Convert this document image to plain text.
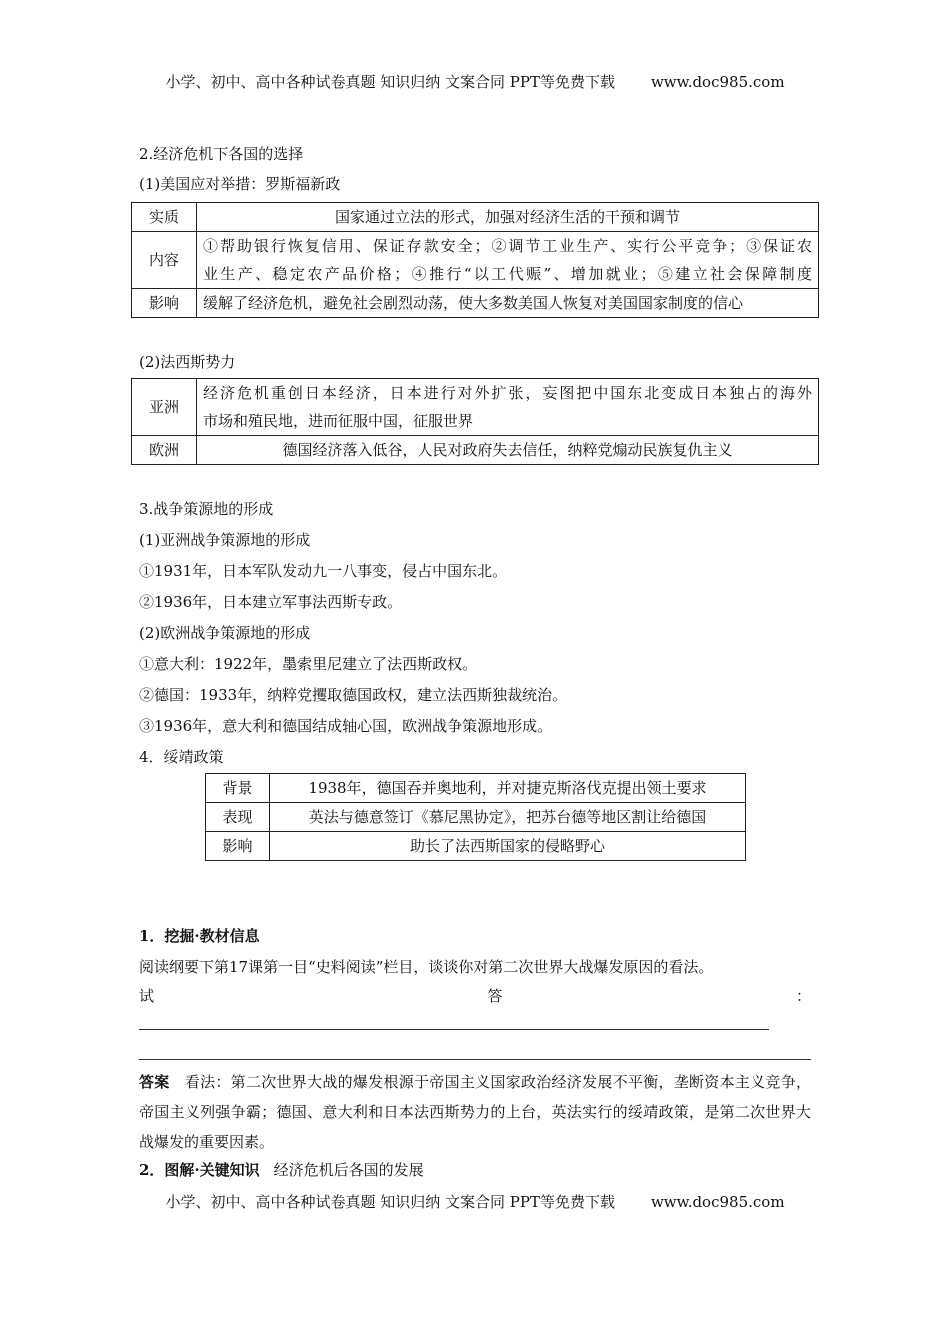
小学、初中、高中各种试卷真题 知识归纳 文案合同 PPT等免费下载 www.doc985.com
2.经济危机下各国的选择
(1)美国应对举措：罗斯福新政
实质	国家通过立法的形式，加强对经济生活的干预和调节
内容	①帮助银行恢复信用、保证存款安全；②调节工业生产、实行公平竞争；③保证农
业生产、稳定农产品价格；④推行“以工代赈”、增加就业；⑤建立社会保障制度

影响	缓解了经济危机，避免社会剧烈动荡，使大多数美国人恢复对美国国家制度的信心
(2)法西斯势力
亚洲	经济危机重创日本经济，日本进行对外扩张，妄图把中国东北变成日本独占的海外
市场和殖民地，进而征服中国，征服世界

欧洲	德国经济落入低谷，人民对政府失去信任，纳粹党煽动民族复仇主义
3.战争策源地的形成
(1)亚洲战争策源地的形成
①1931年，日本军队发动九一八事变，侵占中国东北。
②1936年，日本建立军事法西斯专政。
(2)欧洲战争策源地的形成
①意大利：1922年，墨索里尼建立了法西斯政权。
②德国：1933年，纳粹党攫取德国政权，建立法西斯独裁统治。
③1936年，意大利和德国结成轴心国，欧洲战争策源地形成。
4．绥靖政策
背景	1938年，德国吞并奥地利，并对捷克斯洛伐克提出领土要求
表现	英法与德意签订《慕尼黑协定》，把苏台德等地区割让给德国
影响	助长了法西斯国家的侵略野心
1．挖掘·教材信息
阅读纲要下第17课第一目“史料阅读”栏目，谈谈你对第二次世界大战爆发原因的看法。
试	答	：
答案　看法：第二次世界大战的爆发根源于帝国主义国家政治经济发展不平衡，垄断资本主义竞争，帝国主义列强争霸；德国、意大利和日本法西斯势力的上台，英法实行的绥靖政策，是第二次世界大战爆发的重要因素。
2．图解·关键知识 经济危机后各国的发展
小学、初中、高中各种试卷真题 知识归纳 文案合同 PPT等免费下载 www.doc985.com
